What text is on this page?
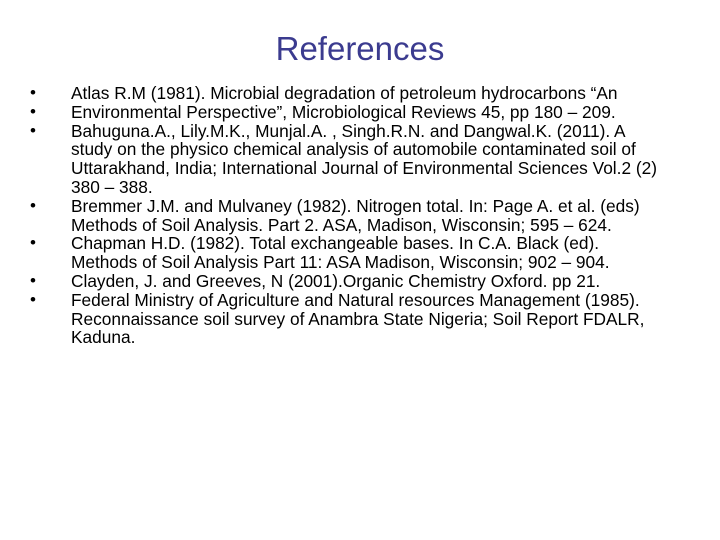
References
• Atlas R.M (1981). Microbial degradation of petroleum hydrocarbons “An
• Environmental Perspective”, Microbiological Reviews 45, pp 180 – 209.
• Bahuguna.A., Lily.M.K., Munjal.A. , Singh.R.N. and Dangwal.K. (2011). A study on the physico chemical analysis of automobile contaminated soil of Uttarakhand, India; International Journal of Environmental Sciences Vol.2 (2) 380 – 388.
• Bremmer J.M. and Mulvaney (1982). Nitrogen total. In: Page A. et al. (eds) Methods of Soil Analysis. Part 2. ASA, Madison, Wisconsin; 595 – 624.
• Chapman H.D. (1982). Total exchangeable bases. In C.A. Black (ed). Methods of Soil Analysis Part 11: ASA Madison, Wisconsin; 902 – 904.
• Clayden, J. and Greeves, N (2001).Organic Chemistry Oxford. pp 21.
• Federal Ministry of Agriculture and Natural resources Management (1985). Reconnaissance soil survey of Anambra State Nigeria; Soil Report FDALR, Kaduna.
